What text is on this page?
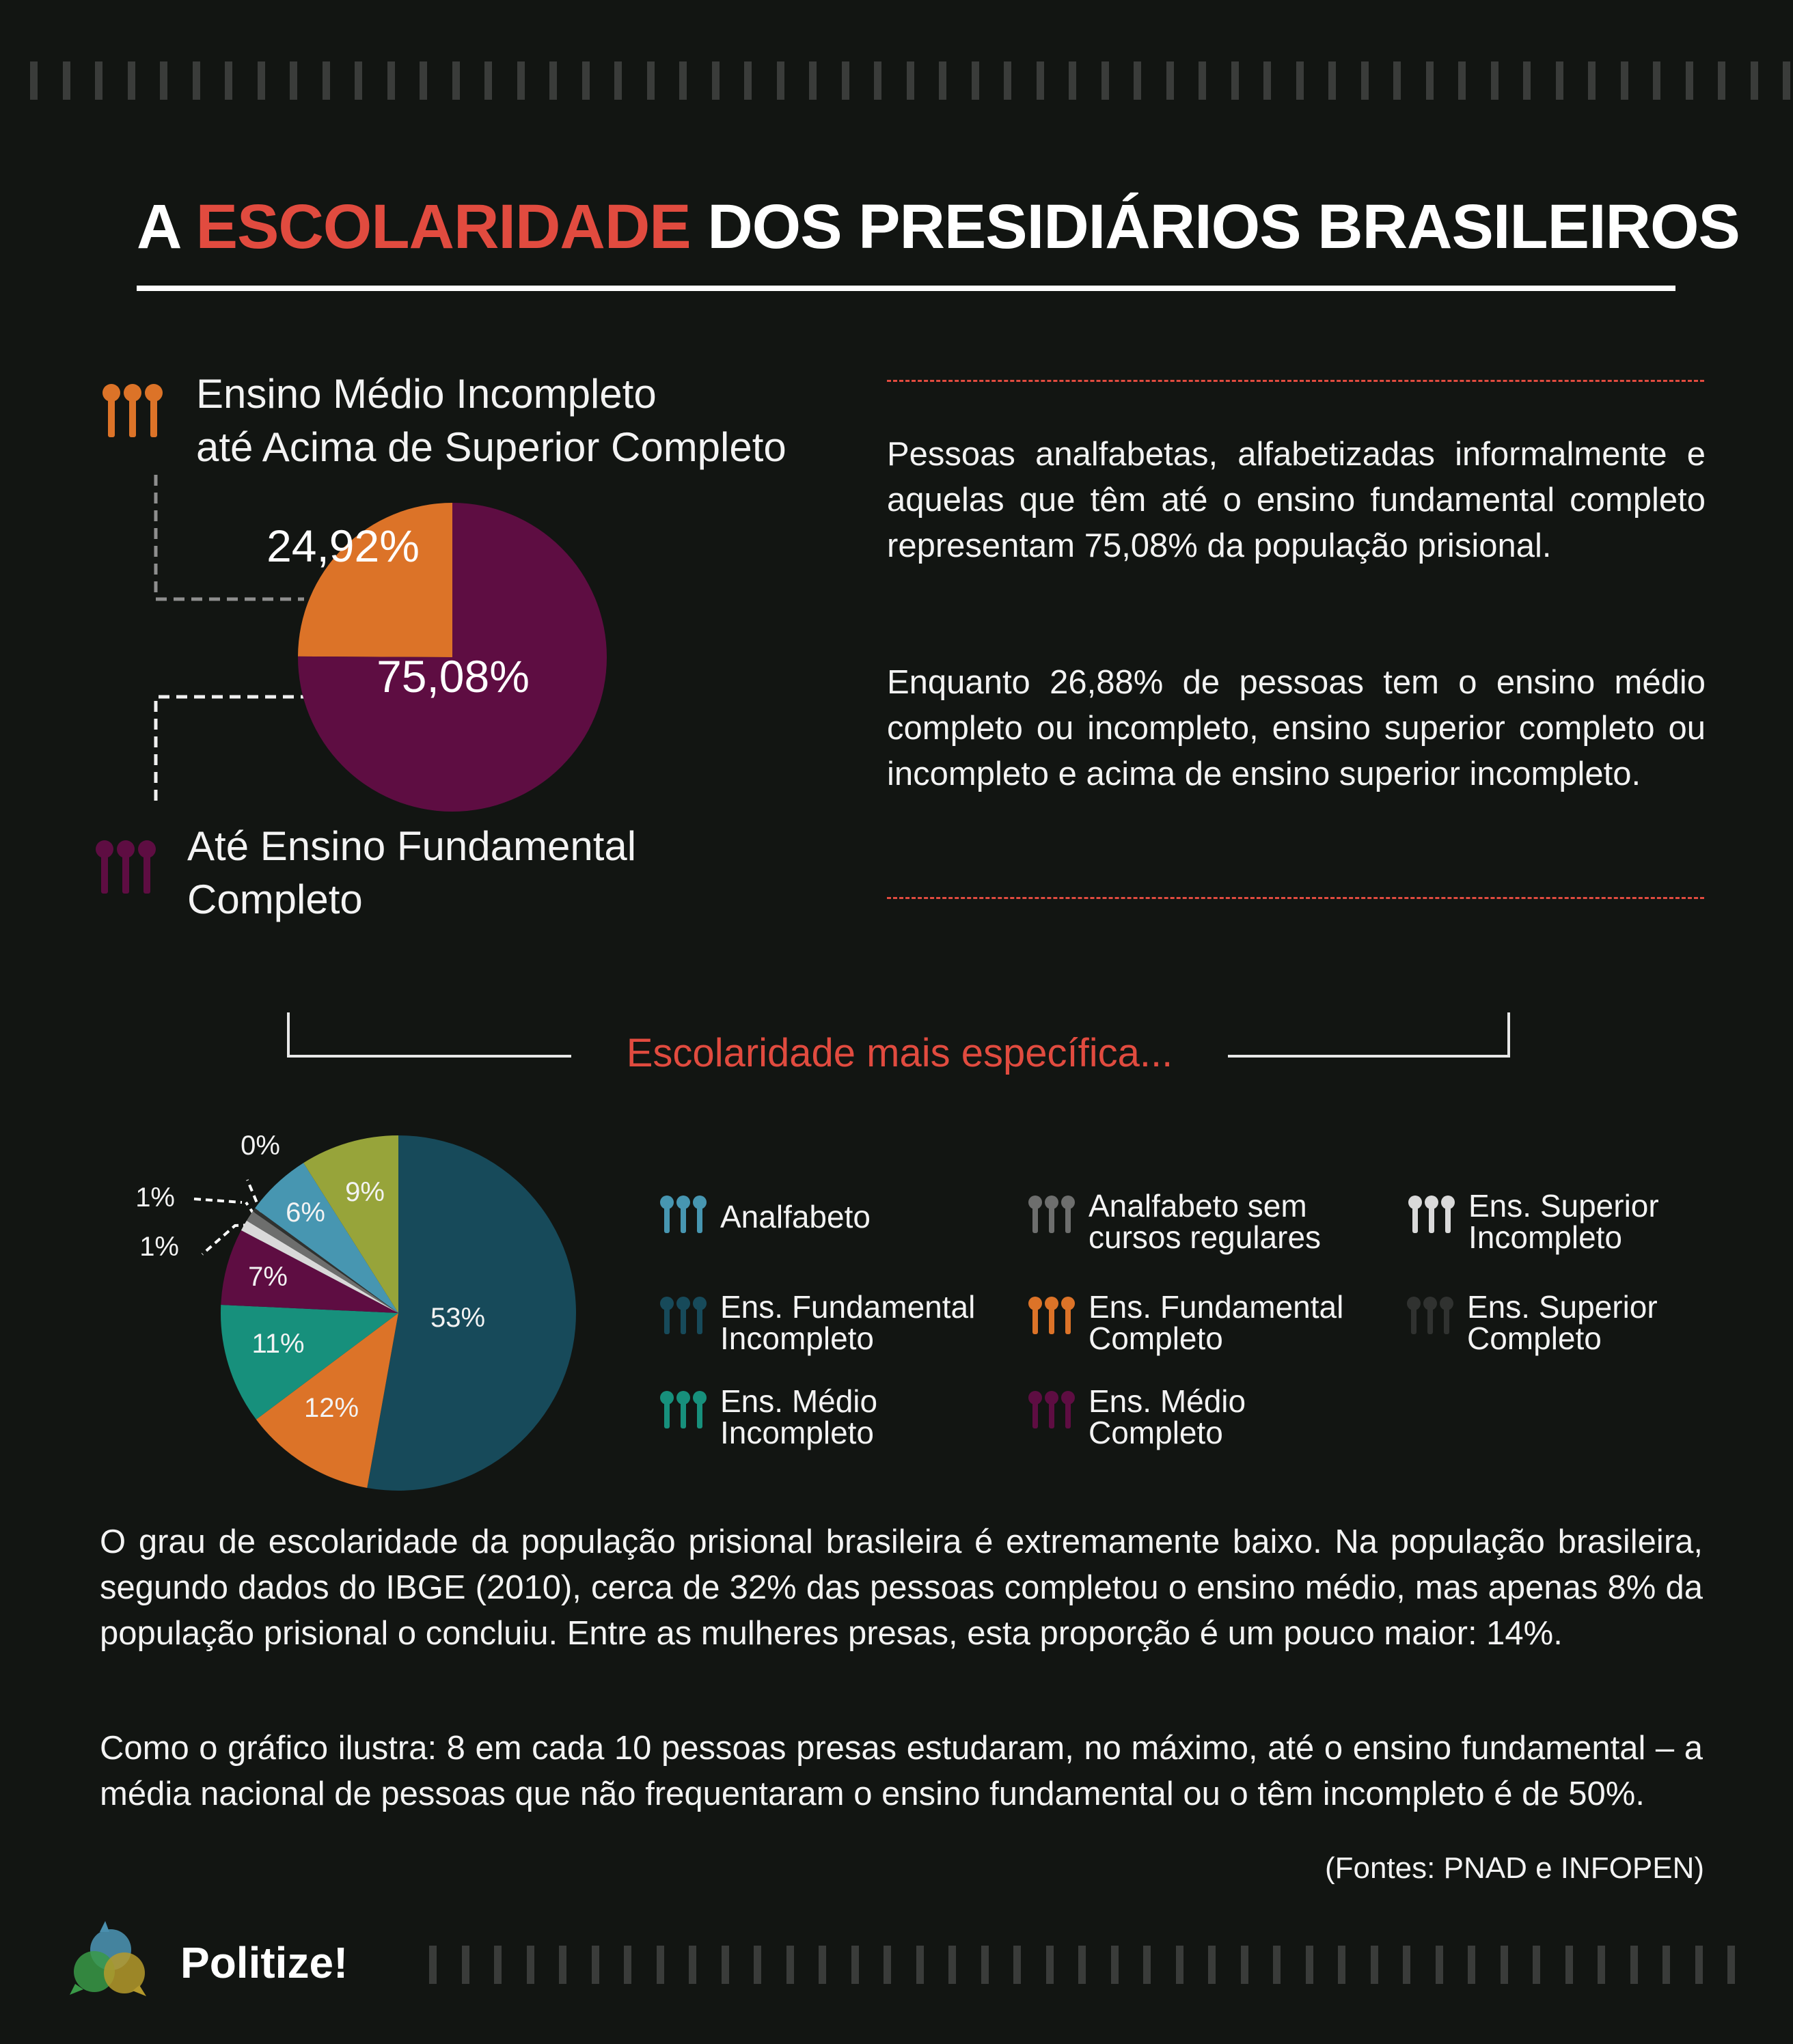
A ESCOLARIDADE DOS PRESIDIÁRIOS BRASILEIROS
Ensino Médio Incompleto
até Acima de Superior Completo
24,92%
75,08%
Até Ensino Fundamental
Completo
Pessoas analfabetas, alfabetizadas informalmente e aquelas que têm até o ensino fundamental completo representam 75,08% da população prisional.
Enquanto 26,88% de pessoas tem o ensino médio completo ou incompleto, ensino superior completo ou incompleto e acima de ensino superior incompleto.
Escolaridade mais específica...
53%
12%
11%
7%
1%
1%
0%
6%
9%
Analfabeto	Analfabeto sem
cursos regulares
Ens. Superior
Incompleto
Ens. Fundamental
Incompleto
Ens. Fundamental
Completo
Ens. Superior
Completo
Ens. Médio
Incompleto
Ens. Médio
Completo
O grau de escolaridade da população prisional brasileira é extremamente baixo. Na população brasileira, segundo dados do IBGE (2010), cerca de 32% das pessoas completou o ensino médio, mas apenas 8% da população prisional o concluiu. Entre as mulheres presas, esta proporção é um pouco maior: 14%.
Como o gráfico ilustra: 8 em cada 10 pessoas presas estudaram, no máximo, até o ensino fundamental – a média nacional de pessoas que não frequentaram o ensino fundamental ou o têm incompleto é de 50%.
(Fontes: PNAD e INFOPEN)
Politize!
